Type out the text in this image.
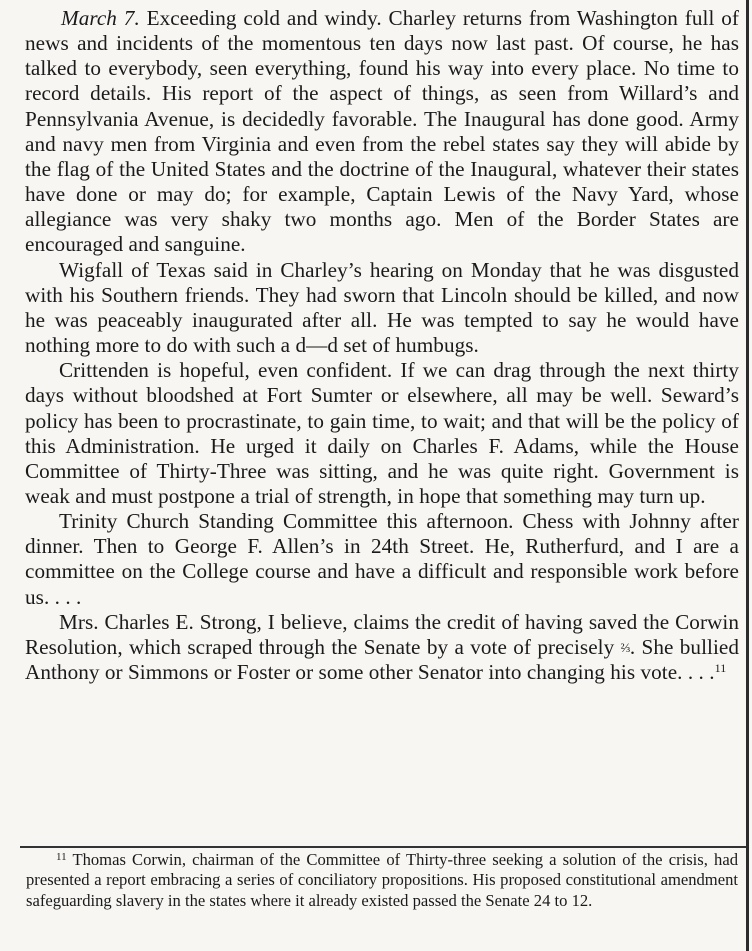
March 7. Exceeding cold and windy. Charley returns from Washington full of news and incidents of the momentous ten days now last past. Of course, he has talked to everybody, seen everything, found his way into every place. No time to record details. His report of the aspect of things, as seen from Willard’s and Pennsylvania Avenue, is decidedly favorable. The Inaugural has done good. Army and navy men from Virginia and even from the rebel states say they will abide by the flag of the United States and the doctrine of the Inaugural, whatever their states have done or may do; for example, Captain Lewis of the Navy Yard, whose allegiance was very shaky two months ago. Men of the Border States are encouraged and sanguine.

Wigfall of Texas said in Charley’s hearing on Monday that he was disgusted with his Southern friends. They had sworn that Lincoln should be killed, and now he was peaceably inaugurated after all. He was tempted to say he would have nothing more to do with such a d—d set of humbugs.

Crittenden is hopeful, even confident. If we can drag through the next thirty days without bloodshed at Fort Sumter or elsewhere, all may be well. Seward’s policy has been to procrastinate, to gain time, to wait; and that will be the policy of this Administration. He urged it daily on Charles F. Adams, while the House Committee of Thirty-Three was sitting, and he was quite right. Government is weak and must postpone a trial of strength, in hope that something may turn up.

Trinity Church Standing Committee this afternoon. Chess with Johnny after dinner. Then to George F. Allen’s in 24th Street. He, Rutherfurd, and I are a committee on the College course and have a difficult and responsible work before us. . . .

Mrs. Charles E. Strong, I believe, claims the credit of having saved the Corwin Resolution, which scraped through the Senate by a vote of precisely ⅔. She bullied Anthony or Simmons or Foster or some other Senator into changing his vote. . . .$^{11}$

$^{11}$ Thomas Corwin, chairman of the Committee of Thirty-three seeking a solution of the crisis, had presented a report embracing a series of conciliatory propositions. His proposed constitutional amendment safeguarding slavery in the states where it already existed passed the Senate 24 to 12.
